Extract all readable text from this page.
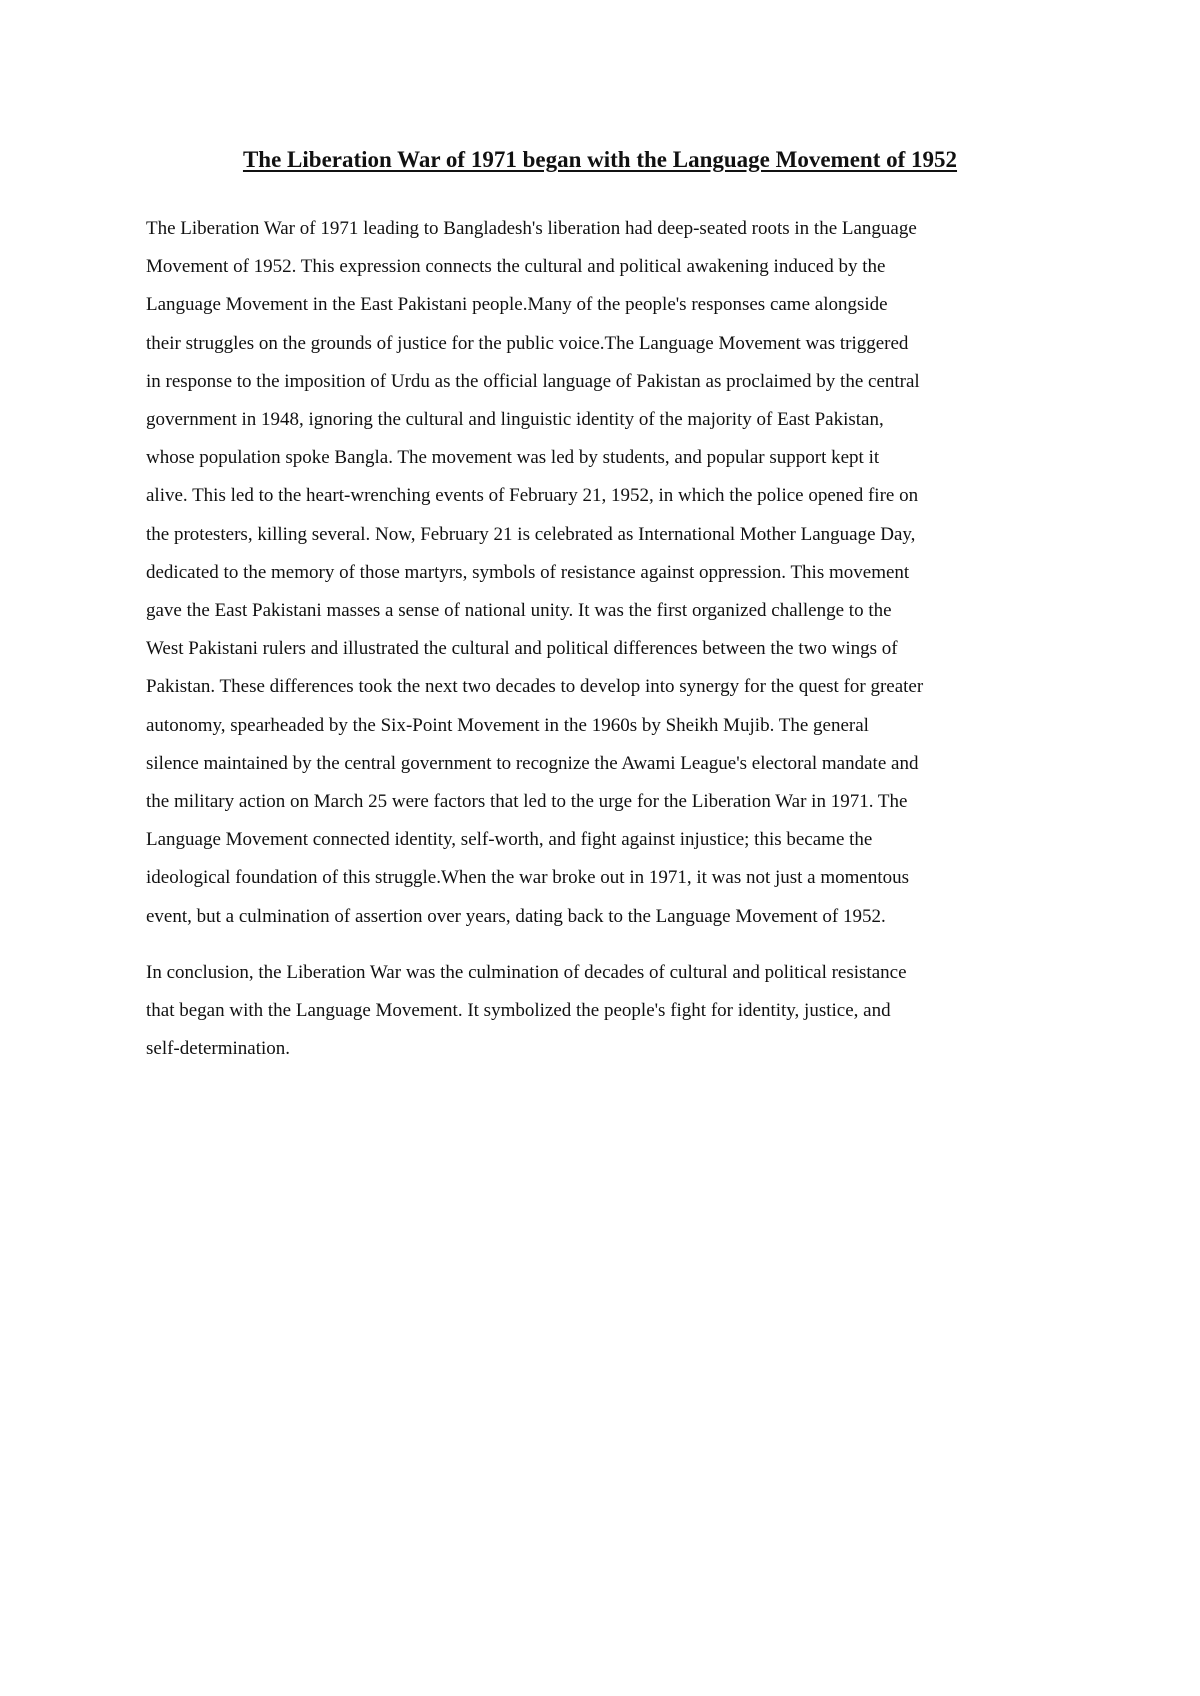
The Liberation War of 1971 began with the Language Movement of 1952

The Liberation War of 1971 leading to Bangladesh's liberation had deep-seated roots in the Language
Movement of 1952. This expression connects the cultural and political awakening induced by the
Language Movement in the East Pakistani people.Many of the people's responses came alongside
their struggles on the grounds of justice for the public voice.The Language Movement was triggered
in response to the imposition of Urdu as the official language of Pakistan as proclaimed by the central
government in 1948, ignoring the cultural and linguistic identity of the majority of East Pakistan,
whose population spoke Bangla. The movement was led by students, and popular support kept it
alive. This led to the heart-wrenching events of February 21, 1952, in which the police opened fire on
the protesters, killing several. Now, February 21 is celebrated as International Mother Language Day,
dedicated to the memory of those martyrs, symbols of resistance against oppression. This movement
gave the East Pakistani masses a sense of national unity. It was the first organized challenge to the
West Pakistani rulers and illustrated the cultural and political differences between the two wings of
Pakistan. These differences took the next two decades to develop into synergy for the quest for greater
autonomy, spearheaded by the Six-Point Movement in the 1960s by Sheikh Mujib. The general
silence maintained by the central government to recognize the Awami League's electoral mandate and
the military action on March 25 were factors that led to the urge for the Liberation War in 1971. The
Language Movement connected identity, self-worth, and fight against injustice; this became the
ideological foundation of this struggle.When the war broke out in 1971, it was not just a momentous
event, but a culmination of assertion over years, dating back to the Language Movement of 1952.

In conclusion, the Liberation War was the culmination of decades of cultural and political resistance
that began with the Language Movement. It symbolized the people's fight for identity, justice, and
self-determination.
